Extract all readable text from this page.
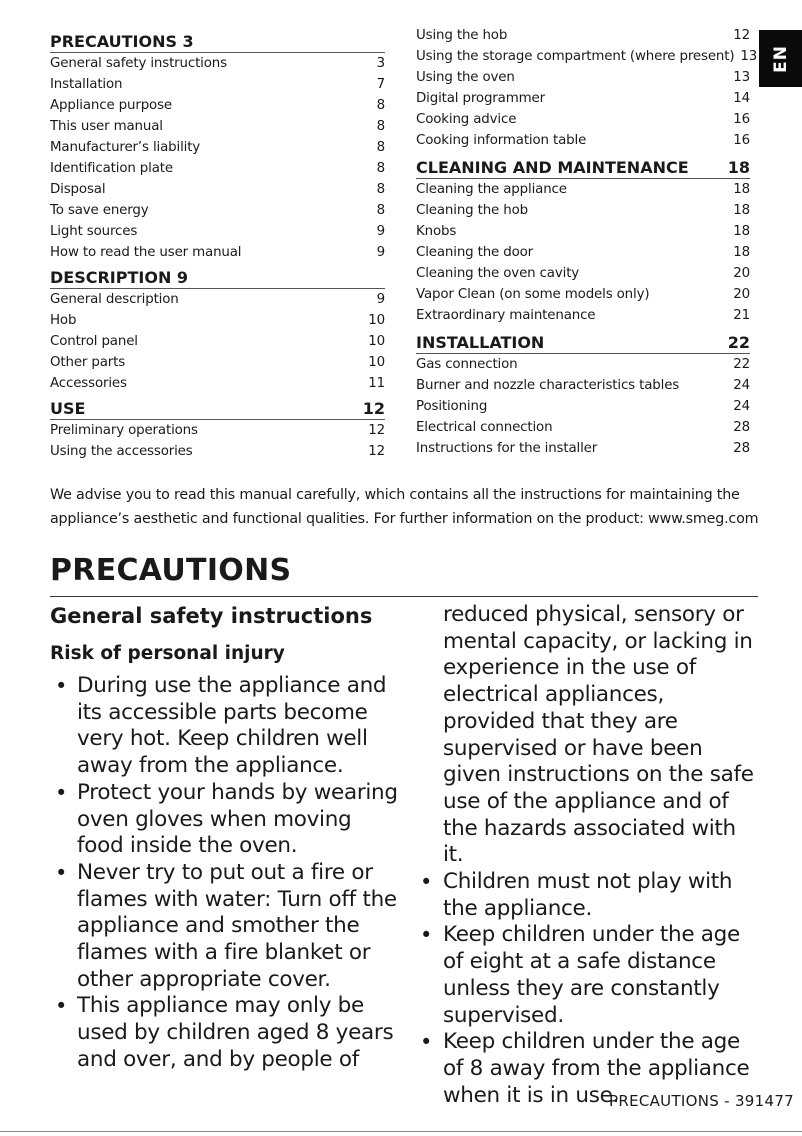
PRECAUTIONS 3
General safety instructions	3
Installation	7
Appliance purpose	8
This user manual	8
Manufacturer’s liability	8
Identification plate	8
Disposal	8
To save energy	8
Light sources	9
How to read the user manual	9
DESCRIPTION 9
General description	9
Hob	10
Control panel	10
Other parts	10
Accessories	11
USE	12
Preliminary operations	12
Using the accessories	12
Using the hob	12
Using the storage compartment (where present) 13
Using the oven	13
Digital programmer	14
Cooking advice	16
Cooking information table	16
CLEANING AND MAINTENANCE 18
Cleaning the appliance	18
Cleaning the hob	18
Knobs	18
Cleaning the door	18
Cleaning the oven cavity	20
Vapor Clean (on some models only)	20
Extraordinary maintenance	21
INSTALLATION	22
Gas connection	22
Burner and nozzle characteristics tables	24
Positioning	24
Electrical connection	28
Instructions for the installer	28
EN

We advise you to read this manual carefully, which contains all the instructions for maintaining the appliance’s aesthetic and functional qualities. For further information on the product: www.smeg.com

PRECAUTIONS
General safety instructions
Risk of personal injury
• During use the appliance and its accessible parts become very hot. Keep children well away from the appliance.
• Protect your hands by wearing oven gloves when moving food inside the oven.
• Never try to put out a fire or flames with water: Turn off the appliance and smother the flames with a fire blanket or other appropriate cover.
• This appliance may only be used by children aged 8 years and over, and by people of
reduced physical, sensory or mental capacity, or lacking in experience in the use of electrical appliances, provided that they are supervised or have been given instructions on the safe use of the appliance and of the hazards associated with it.
• Children must not play with the appliance.
• Keep children under the age of eight at a safe distance unless they are constantly supervised.
• Keep children under the age of 8 away from the appliance when it is in use.
PRECAUTIONS - 391477
